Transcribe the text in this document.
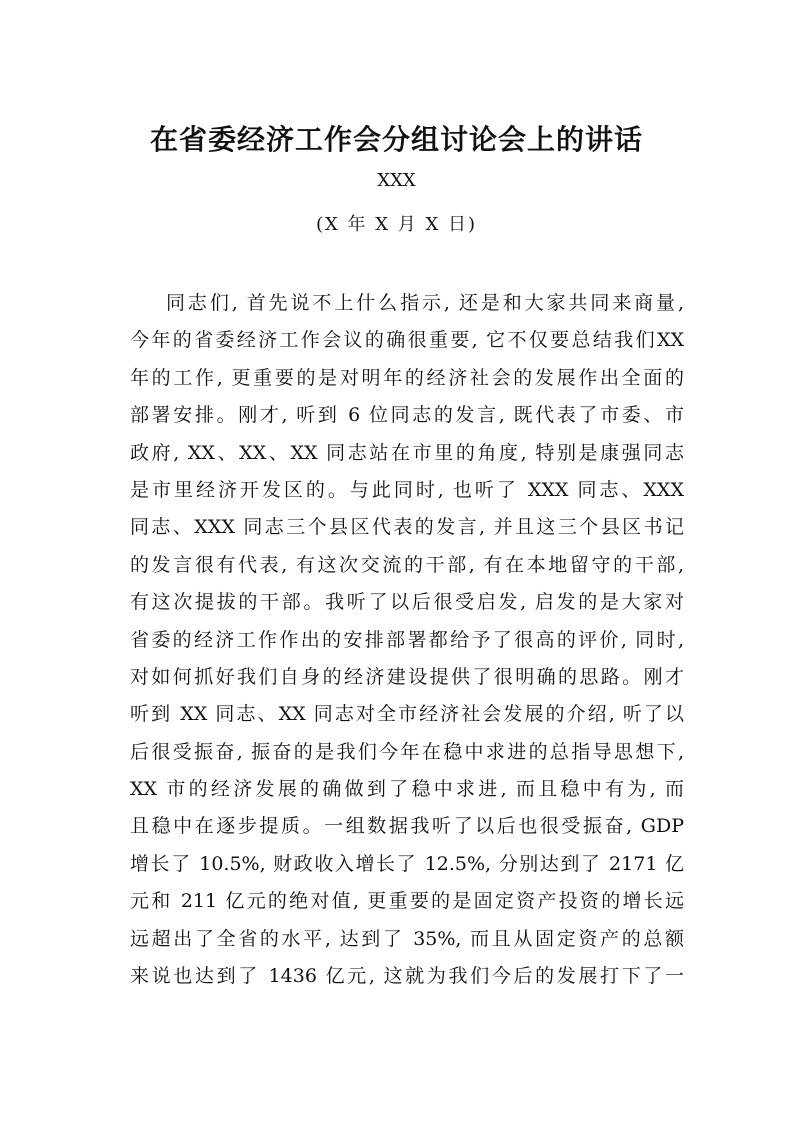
在省委经济工作会分组讨论会上的讲话
XXX
(X 年 X 月 X 日)
同志们, 首先说不上什么指示, 还是和大家共同来商量,
今年的省委经济工作会议的确很重要, 它不仅要总结我们XX
年的工作, 更重要的是对明年的经济社会的发展作出全面的
部署安排。刚才, 听到 6 位同志的发言, 既代表了市委、市
政府, XX、XX、XX 同志站在市里的角度, 特别是康强同志
是市里经济开发区的。与此同时, 也听了 XXX 同志、XXX
同志、XXX 同志三个县区代表的发言, 并且这三个县区书记
的发言很有代表, 有这次交流的干部, 有在本地留守的干部,
有这次提拔的干部。我听了以后很受启发, 启发的是大家对
省委的经济工作作出的安排部署都给予了很高的评价, 同时,
对如何抓好我们自身的经济建设提供了很明确的思路。刚才
听到 XX 同志、XX 同志对全市经济社会发展的介绍, 听了以
后很受振奋, 振奋的是我们今年在稳中求进的总指导思想下,
XX 市的经济发展的确做到了稳中求进, 而且稳中有为, 而
且稳中在逐步提质。一组数据我听了以后也很受振奋, GDP
增长了 10.5%, 财政收入增长了 12.5%, 分别达到了 2171 亿
元和 211 亿元的绝对值, 更重要的是固定资产投资的增长远
远超出了全省的水平, 达到了 35%, 而且从固定资产的总额
来说也达到了 1436 亿元, 这就为我们今后的发展打下了一
